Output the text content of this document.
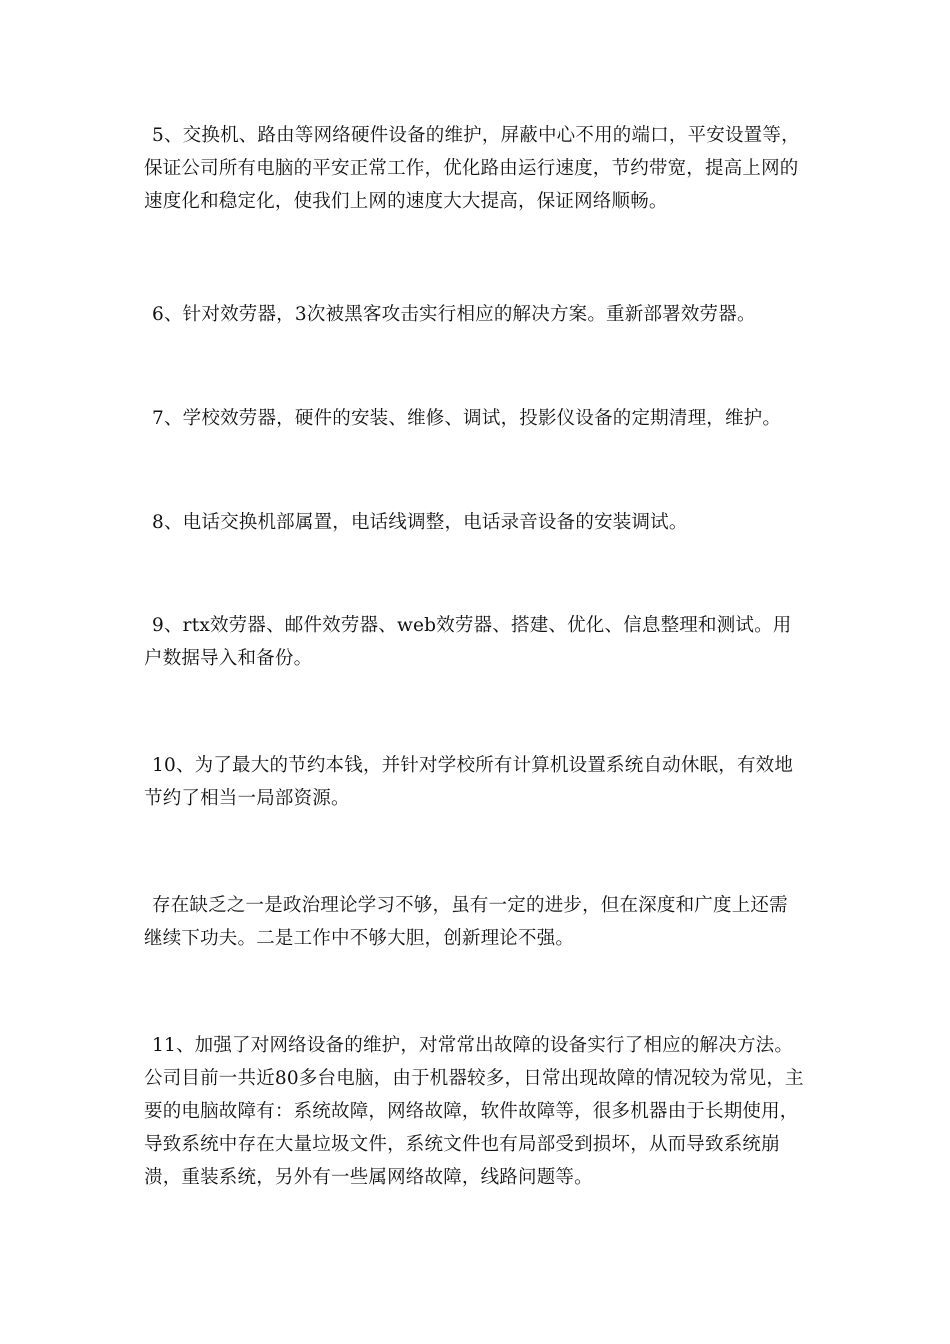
5、交换机、路由等网络硬件设备的维护，屏蔽中心不用的端口，平安设置等，保证公司所有电脑的平安正常工作，优化路由运行速度，节约带宽，提高上网的速度化和稳定化，使我们上网的速度大大提高，保证网络顺畅。

6、针对效劳器，3次被黑客攻击实行相应的解决方案。重新部署效劳器。

7、学校效劳器，硬件的安装、维修、调试，投影仪设备的定期清理，维护。

8、电话交换机部属置，电话线调整，电话录音设备的安装调试。

9、rtx效劳器、邮件效劳器、web效劳器、搭建、优化、信息整理和测试。用户数据导入和备份。

10、为了最大的节约本钱，并针对学校所有计算机设置系统自动休眠，有效地节约了相当一局部资源。

存在缺乏之一是政治理论学习不够，虽有一定的进步，但在深度和广度上还需继续下功夫。二是工作中不够大胆，创新理论不强。

11、加强了对网络设备的维护，对常常出故障的设备实行了相应的解决方法。公司目前一共近80多台电脑，由于机器较多，日常出现故障的情况较为常见，主要的电脑故障有：系统故障，网络故障，软件故障等，很多机器由于长期使用，导致系统中存在大量垃圾文件，系统文件也有局部受到损坏，从而导致系统崩溃，重装系统，另外有一些属网络故障，线路问题等。
